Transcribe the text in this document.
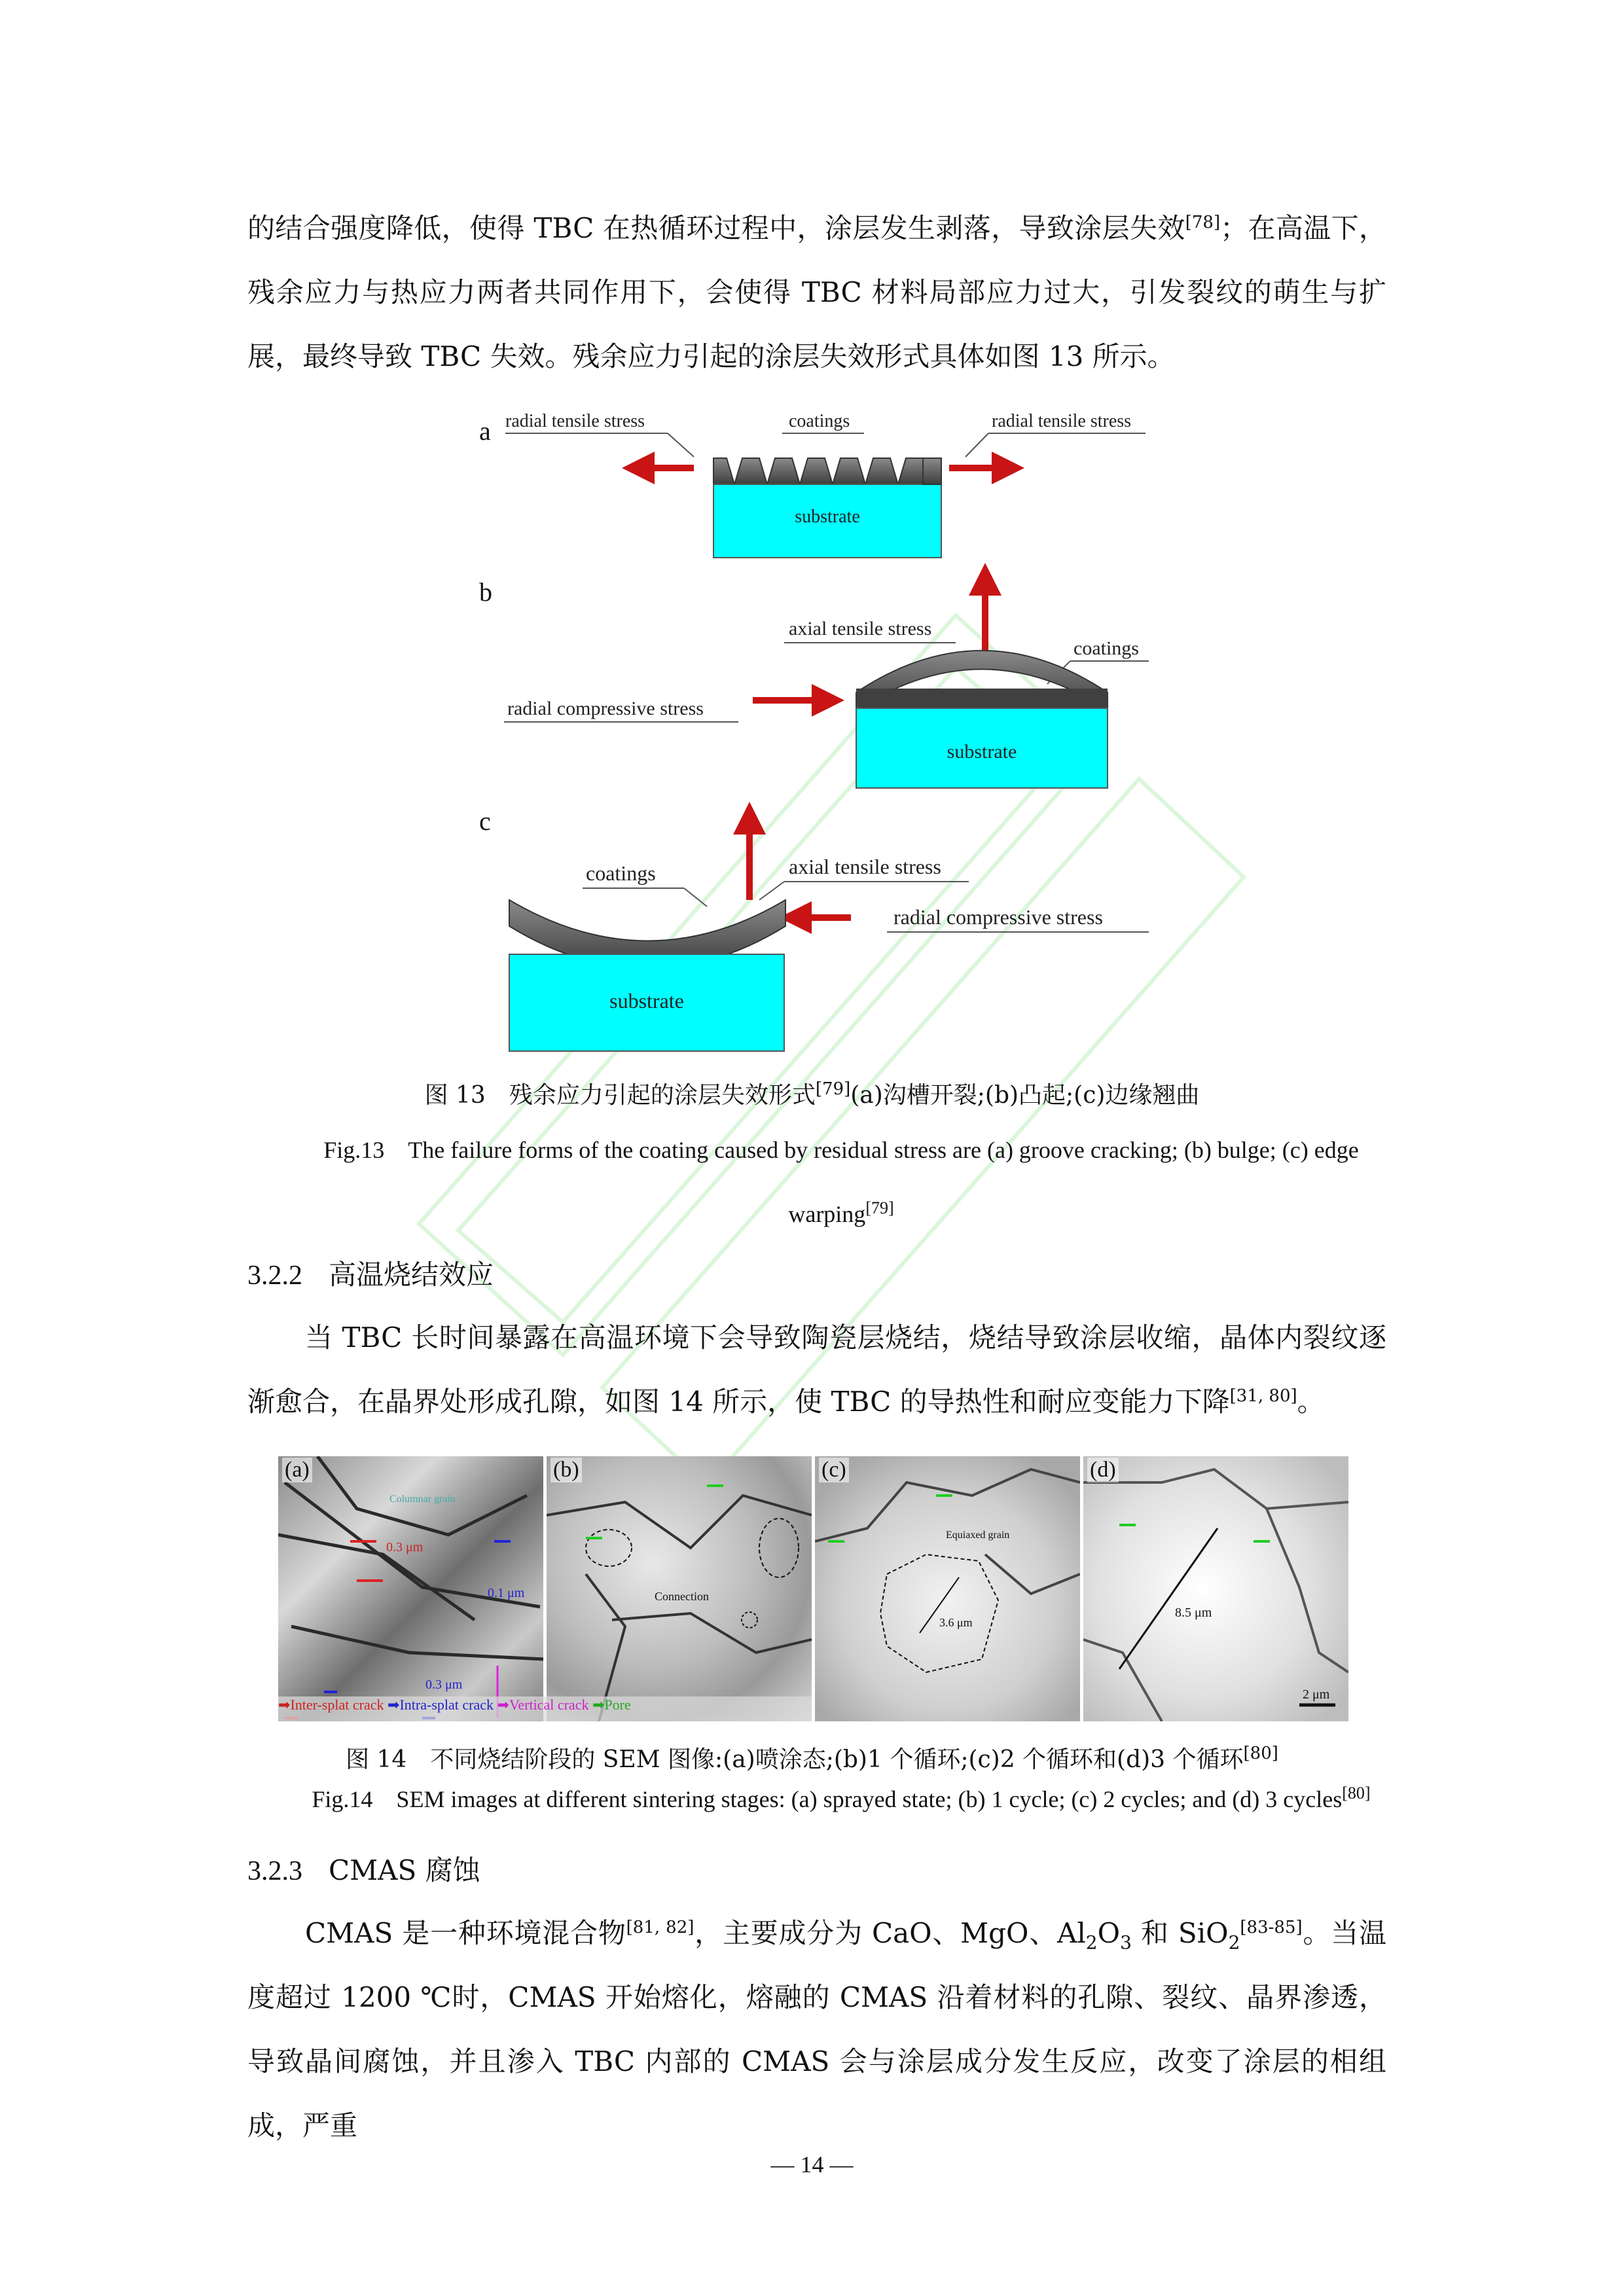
的结合强度降低，使得 TBC 在热循环过程中，涂层发生剥落，导致涂层失效[78]；在高温下，残余应力与热应力两者共同作用下，会使得 TBC 材料局部应力过大，引发裂纹的萌生与扩展，最终导致 TBC 失效。残余应力引起的涂层失效形式具体如图 13 所示。

a radial tensile stress	coatings	radial tensile stress
substrate
b
axial tensile stress
coatings
radial compressive stress
substrate
c
coatings	axial tensile stress
radial compressive stress
substrate
图 13　残余应力引起的涂层失效形式[79](a)沟槽开裂;(b)凸起;(c)边缘翘曲
Fig.13　The failure forms of the coating caused by residual stress are (a) groove cracking; (b) bulge; (c) edge warping[79]
3.2.2 高温烧结效应

当 TBC 长时间暴露在高温环境下会导致陶瓷层烧结，烧结导致涂层收缩，晶体内裂纹逐渐愈合，在晶界处形成孔隙，如图 14 所示，使 TBC 的导热性和耐应变能力下降[31, 80]。

Columnar grain
0.3 μm
0.1 μm
0.3 μm
(a)
Connection
(b)
Equiaxed grain
3.6 μm
(c)
8.5 μm
2 μm
(d)
➡Inter-splat crack ➡Intra-splat crack ➡Vertical crack ➡Pore
图 14　不同烧结阶段的 SEM 图像:(a)喷涂态;(b)1 个循环;(c)2 个循环和(d)3 个循环[80]
Fig.14　SEM images at different sintering stages: (a) sprayed state; (b) 1 cycle; (c) 2 cycles; and (d) 3 cycles[80]
3.2.3 CMAS 腐蚀

CMAS 是一种环境混合物[81, 82]，主要成分为 CaO、MgO、$Al_2O_3$ 和 SiO$_2$[83-85]。当温度超过 1200 ℃时，CMAS 开始熔化，熔融的 CMAS 沿着材料的孔隙、裂纹、晶界渗透，导致晶间腐蚀，并且渗入 TBC 内部的 CMAS 会与涂层成分发生反应，改变了涂层的相组成，严重

— 14 —
